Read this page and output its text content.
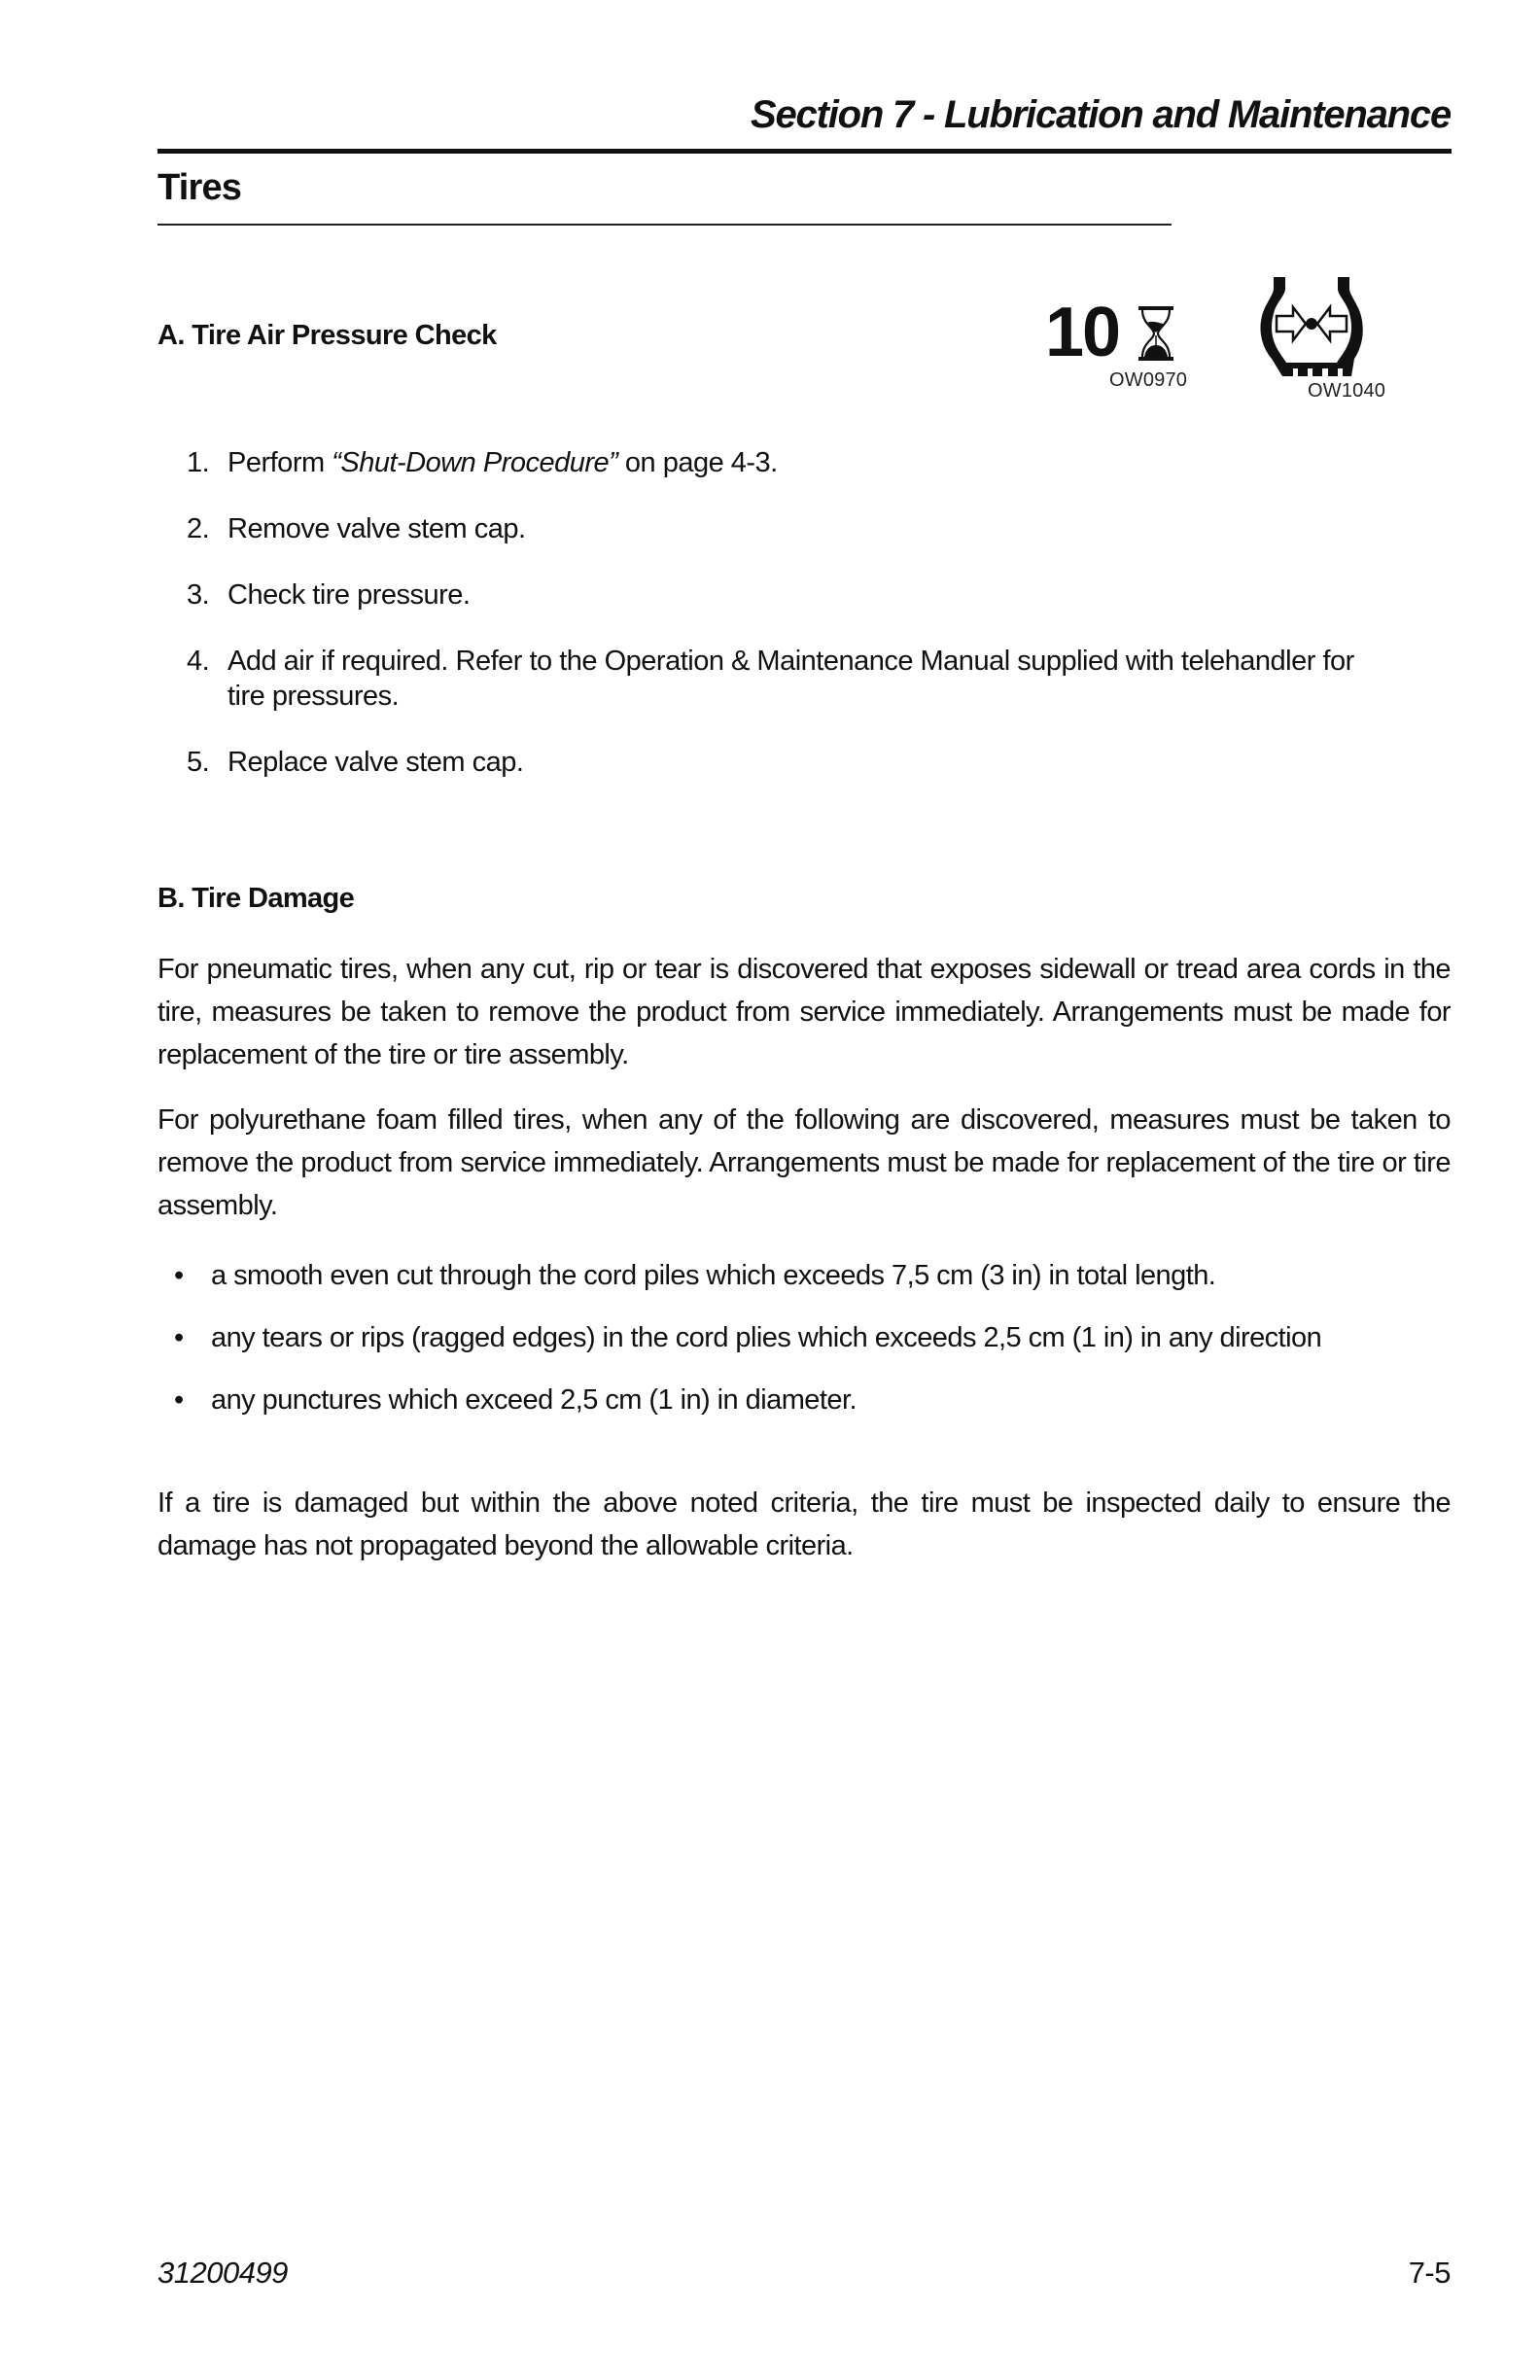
Section 7 - Lubrication and Maintenance
Tires
A. Tire Air Pressure Check	10
OW0970	OW1040
1. Perform “Shut-Down Procedure” on page 4-3.
2. Remove valve stem cap.
3. Check tire pressure.
4. Add air if required. Refer to the Operation & Maintenance Manual supplied with telehandler for tire pressures.
5. Replace valve stem cap.
B. Tire Damage

For pneumatic tires, when any cut, rip or tear is discovered that exposes sidewall or tread area cords in the tire, measures be taken to remove the product from service immediately. Arrangements must be made for replacement of the tire or tire assembly.

For polyurethane foam filled tires, when any of the following are discovered, measures must be taken to remove the product from service immediately. Arrangements must be made for replacement of the tire or tire assembly.

• a smooth even cut through the cord piles which exceeds 7,5 cm (3 in) in total length.
• any tears or rips (ragged edges) in the cord plies which exceeds 2,5 cm (1 in) in any direction
• any punctures which exceed 2,5 cm (1 in) in diameter.

If a tire is damaged but within the above noted criteria, the tire must be inspected daily to ensure the damage has not propagated beyond the allowable criteria.

31200499	7-5
